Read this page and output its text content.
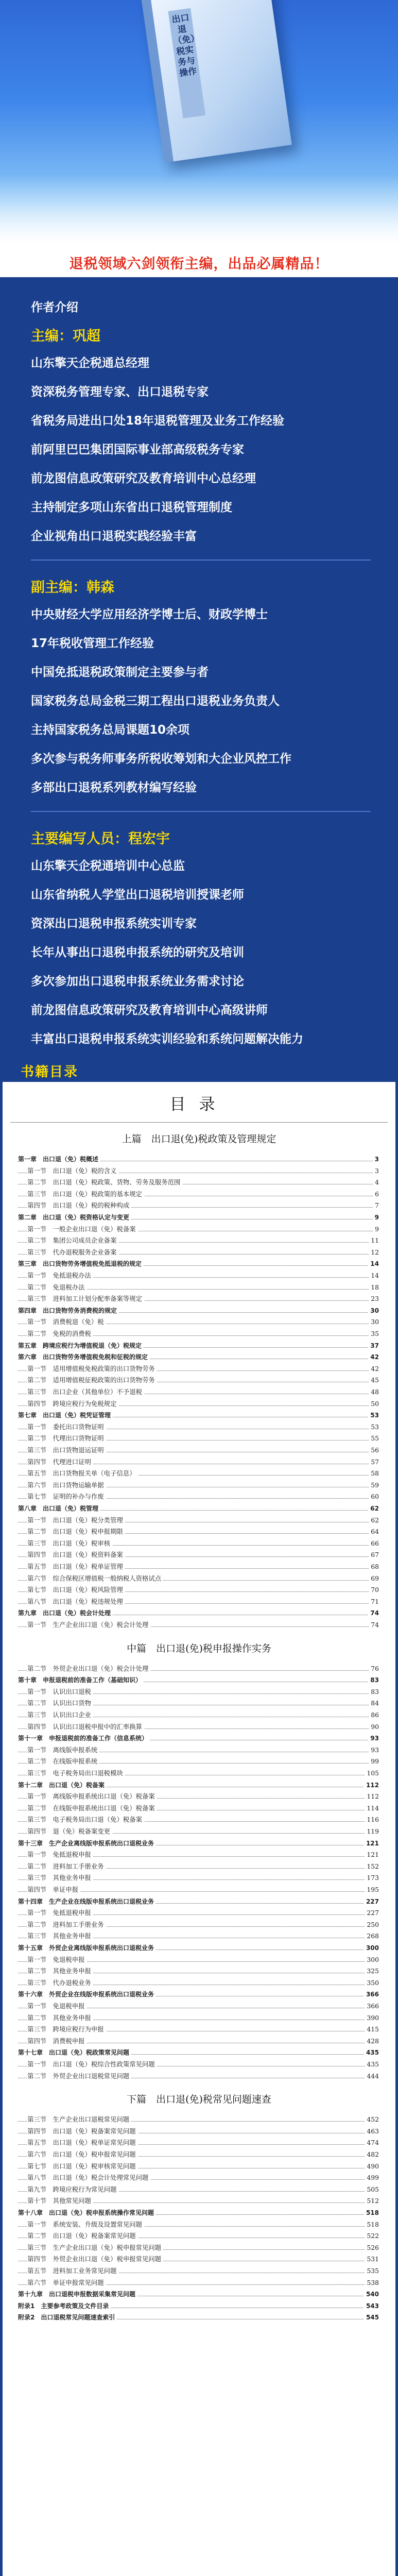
出口退（免）税实务与操作
退税领域六剑领衔主编，出品必属精品！
作者介绍
主编：巩超
山东擎天企税通总经理
资深税务管理专家、出口退税专家
省税务局进出口处18年退税管理及业务工作经验
前阿里巴巴集团国际事业部高级税务专家
前龙图信息政策研究及教育培训中心总经理
主持制定多项山东省出口退税管理制度
企业视角出口退税实践经验丰富
副主编：韩森
中央财经大学应用经济学博士后、财政学博士
17年税收管理工作经验
中国免抵退税政策制定主要参与者
国家税务总局金税三期工程出口退税业务负责人
主持国家税务总局课题10余项
多次参与税务师事务所税收筹划和大企业风控工作
多部出口退税系列教材编写经验
主要编写人员：程宏宇
山东擎天企税通培训中心总监
山东省纳税人学堂出口退税培训授课老师
资深出口退税申报系统实训专家
长年从事出口退税申报系统的研究及培训
多次参加出口退税申报系统业务需求讨论
前龙图信息政策研究及教育培训中心高级讲师
丰富出口退税申报系统实训经验和系统问题解决能力
书籍目录
目录
上篇　出口退(免)税政策及管理规定
第一章　出口退（免）税概述	3
第一节　出口退（免）税的含义	3
第二节　出口退（免）税政策、货物、劳务及服务范围	4
第三节　出口退（免）税政策的基本规定	6
第四节　出口退（免）税的税种构成	7
第二章　出口退（免）税资格认定与变更	9
第一节　一般企业出口退（免）税备案	9
第二节　集团公司成员企业备案	11
第三节　代办退税服务企业备案	12
第三章　出口货物劳务增值税免抵退税的规定	14
第一节　免抵退税办法	14
第二节　免退税办法	18
第三节　进料加工计划分配率备案等规定	23
第四章　出口货物劳务消费税的规定	30
第一节　消费税退（免）税	30
第二节　免税的消费税	35
第五章　跨境应税行为增值税退（免）税规定	37
第六章　出口货物劳务增值税免税和征税的规定	42
第一节　适用增值税免税政策的出口货物劳务	42
第二节　适用增值税征税政策的出口货物劳务	45
第三节　出口企业（其他单位）不予退税	48
第四节　跨境应税行为免税规定	50
第七章　出口退（免）税凭证管理	53
第一节　委托出口货物证明	53
第二节　代理出口货物证明	55
第三节　出口货物退运证明	56
第四节　代理进口证明	57
第五节　出口货物报关单（电子信息）	58
第六节　出口货物运输单据	59
第七节　证明的补办与作废	60
第八章　出口退（免）税管理	62
第一节　出口退（免）税分类管理	62
第二节　出口退（免）税申报期限	64
第三节　出口退（免）税审核	66
第四节　出口退（免）税资料备案	67
第五节　出口退（免）税单证管理	68
第六节　综合保税区增值税一般纳税人资格试点	69
第七节　出口退（免）税风险管理	70
第八节　出口退（免）税违规处理	71
第九章　出口退（免）税会计处理	74
第一节　生产企业出口退（免）税会计处理	74
中篇　出口退(免)税申报操作实务
第二节　外贸企业出口退（免）税会计处理	76
第十章　申报退税前的准备工作（基础知识）	83
第一节　认识出口退税	83
第二节　认识出口货物	84
第三节　认识出口企业	86
第四节　认识出口退税申报中的汇率换算	90
第十一章　申报退税前的准备工作（信息系统）	93
第一节　离线版申报系统	93
第二节　在线版申报系统	99
第三节　电子税务局出口退税模块	105
第十二章　出口退（免）税备案	112
第一节　离线版申报系统出口退（免）税备案	112
第二节　在线版申报系统出口退（免）税备案	114
第三节　电子税务局出口退（免）税备案	116
第四节　退（免）税备案变更	119
第十三章　生产企业离线版申报系统出口退税业务	121
第一节　免抵退税申报	121
第二节　进料加工手册业务	152
第三节　其他业务申报	173
第四节　单证申报	195
第十四章　生产企业在线版申报系统出口退税业务	227
第一节　免抵退税申报	227
第二节　进料加工手册业务	250
第三节　其他业务申报	268
第十五章　外贸企业离线版申报系统出口退税业务	300
第一节　免退税申报	300
第二节　其他业务申报	325
第三节　代办退税业务	350
第十六章　外贸企业在线版申报系统出口退税业务	366
第一节　免退税申报	366
第二节　其他业务申报	390
第三节　跨境应税行为申报	415
第四节　消费税申报	428
第十七章　出口退（免）税政策常见问题	435
第一节　出口退（免）税综合性政策常见问题	435
第二节　外贸企业出口退税常见问题	444
下篇　出口退(免)税常见问题速查
第三节　生产企业出口退税常见问题	452
第四节　出口退（免）税备案常见问题	463
第五节　出口退（免）税单证常见问题	474
第六节　出口退（免）税申报常见问题	482
第七节　出口退（免）税审核常见问题	490
第八节　出口退（免）税会计处理常见问题	499
第九节　跨境应税行为常见问题	505
第十节　其他常见问题	512
第十八章　出口退（免）税申报系统操作常见问题	518
第一节　系统安装、升级及设置常见问题	518
第二节　出口退（免）税备案常见问题	522
第三节　生产企业出口退（免）税申报常见问题	526
第四节　外贸企业出口退（免）税申报常见问题	531
第五节　进料加工业务常见问题	535
第六节　单证申报常见问题	538
第十九章　出口退税申报数据采集常见问题	540
附录1　主要参考政策及文件目录	543
附录2　出口退税常见问题速查索引	545
